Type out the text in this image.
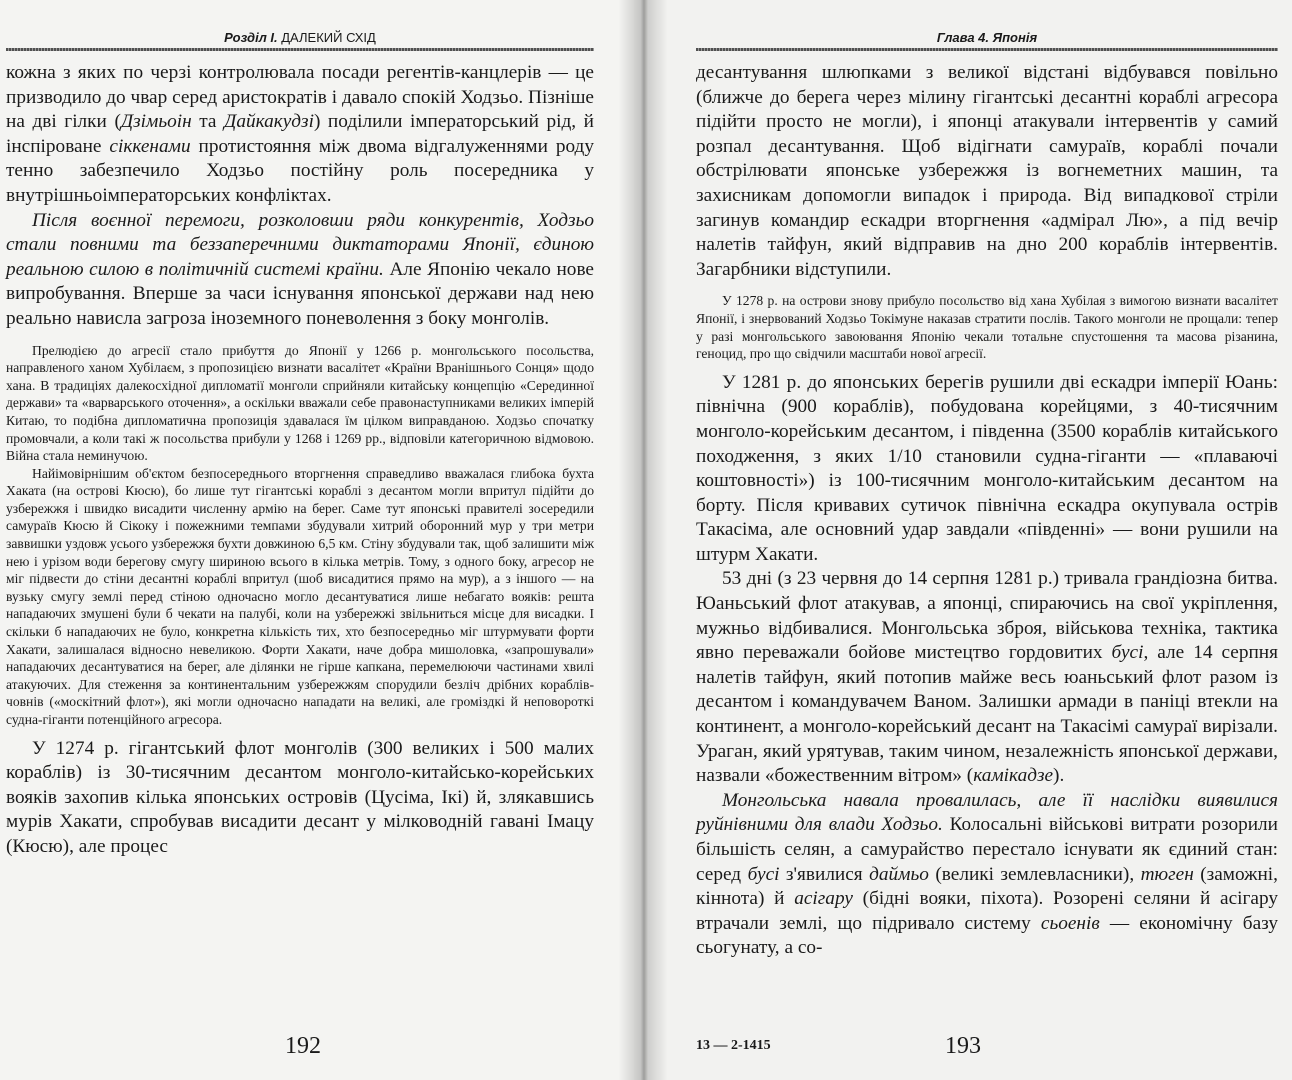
Розділ І. ДАЛЕКИЙ СХІД

кожна з яких по черзі контролювала посади регентів-канцлерів — це призводило до чвар серед аристократів і давало спокій Ходзьо. Пізніше на дві гілки (Дзімьоін та Дайкакудзі) поділили імператорський рід, й інспіроване сіккенами протистояння між двома відгалуженнями роду тенно забезпечило Ходзьо постійну роль посередника у внутрішньоімператорських конфліктах.

Після воєнної перемоги, розколовши ряди конкурентів, Ходзьо стали повними та беззаперечними диктаторами Японії, єдиною реальною силою в політичній системі країни. Але Японію чекало нове випробування. Вперше за часи існування японської держави над нею реально нависла загроза іноземного поневолення з боку монголів.

Прелюдією до агресії стало прибуття до Японії у 1266 р. монгольського посольства, направленого ханом Хубілаєм, з пропозицією визнати васалітет «Країни Вранішнього Сонця» щодо хана. В традиціях далекосхідної дипломатії монголи сприйняли китайську концепцію «Серединної держави» та «варварського оточення», а оскільки вважали себе правонаступниками великих імперій Китаю, то подібна дипломатична пропозиція здавалася їм цілком виправданою. Ходзьо спочатку промовчали, а коли такі ж посольства прибули у 1268 і 1269 рр., відповіли категоричною відмовою. Війна стала неминучою.

Найімовірнішим об'єктом безпосереднього вторгнення справедливо вважалася глибока бухта Хаката (на острові Кюсю), бо лише тут гігантські кораблі з десантом могли впритул підійти до узбережжя і швидко висадити численну армію на берег. Саме тут японські правителі зосередили самураїв Кюсю й Сікоку і пожежними темпами збудували хитрий оборонний мур у три метри заввишки уздовж усього узбережжя бухти довжиною 6,5 км. Стіну збудували так, щоб залишити між нею і урізом води берегову смугу шириною всього в кілька метрів. Тому, з одного боку, агресор не міг підвести до стіни десантні кораблі впритул (шоб висадитися прямо на мур), а з іншого — на вузьку смугу землі перед стіною одночасно могло десантуватися лише небагато вояків: решта нападаючих змушені були б чекати на палубі, коли на узбережжі звільниться місце для висадки. І скільки б нападаючих не було, конкретна кількість тих, хто безпосередньо міг штурмувати форти Хакати, залишалася відносно невеликою. Форти Хакати, наче добра мишоловка, «запрошували» нападаючих десантуватися на берег, але ділянки не гірше капкана, перемелюючи частинами хвилі атакуючих. Для стеження за континентальним узбережжям спорудили безліч дрібних кораблів-човнів («москітний флот»), які могли одночасно нападати на великі, але громіздкі й неповороткі судна-гіганти потенційного агресора.

У 1274 р. гігантський флот монголів (300 великих і 500 малих кораблів) із 30-тисячним десантом монголо-китайсько-корейських вояків захопив кілька японських островів (Цусіма, Ікі) й, злякавшись мурів Хакати, спробував висадити десант у мілководній гавані Імацу (Кюсю), але процес

192
Глава 4. Японія

десантування шлюпками з великої відстані відбувався повільно (ближче до берега через мілину гігантські десантні кораблі агресора підійти просто не могли), і японці атакували інтервентів у самий розпал десантування. Щоб відігнати самураїв, кораблі почали обстрілювати японське узбережжя із вогнеметних машин, та захисникам допомогли випадок і природа. Від випадкової стріли загинув командир ескадри вторгнення «адмірал Лю», а під вечір налетів тайфун, який відправив на дно 200 кораблів інтервентів. Загарбники відступили.

У 1278 р. на острови знову прибуло посольство від хана Хубілая з вимогою визнати васалітет Японії, і знервований Ходзьо Токімуне наказав стратити послів. Такого монголи не прощали: тепер у разі монгольського завоювання Японію чекали тотальне спустошення та масова різанина, геноцид, про що свідчили масштаби нової агресії.

У 1281 р. до японських берегів рушили дві ескадри імперії Юань: північна (900 кораблів), побудована корейцями, з 40-тисячним монголо-корейським десантом, і південна (3500 кораблів китайського походження, з яких 1/10 становили судна-гіганти — «плаваючі коштовності») із 100-тисячним монголо-китайським десантом на борту. Після кривавих сутичок північна ескадра окупувала острів Такасіма, але основний удар завдали «південні» — вони рушили на штурм Хакати.

53 дні (з 23 червня до 14 серпня 1281 р.) тривала грандіозна битва. Юаньський флот атакував, а японці, спираючись на свої укріплення, мужньо відбивалися. Монгольська зброя, військова техніка, тактика явно переважали бойове мистецтво гордовитих бусі, але 14 серпня налетів тайфун, який потопив майже весь юаньський флот разом із десантом і командувачем Ваном. Залишки армади в паніці втекли на континент, а монголо-корейський десант на Такасімі самураї вирізали. Ураган, який урятував, таким чином, незалежність японської держави, назвали «божественним вітром» (камікадзе).

Монгольська навала провалилась, але її наслідки виявилися руйнівними для влади Ходзьо. Колосальні військові витрати розорили більшість селян, а самурайство перестало існувати як єдиний стан: серед бусі з'явилися даймьо (великі землевласники), тюген (заможні, кіннота) й асігару (бідні вояки, піхота). Розорені селяни й асігару втрачали землі, що підривало систему сьоенів — економічну базу сьогунату, а со-

13 — 2-1415	193
